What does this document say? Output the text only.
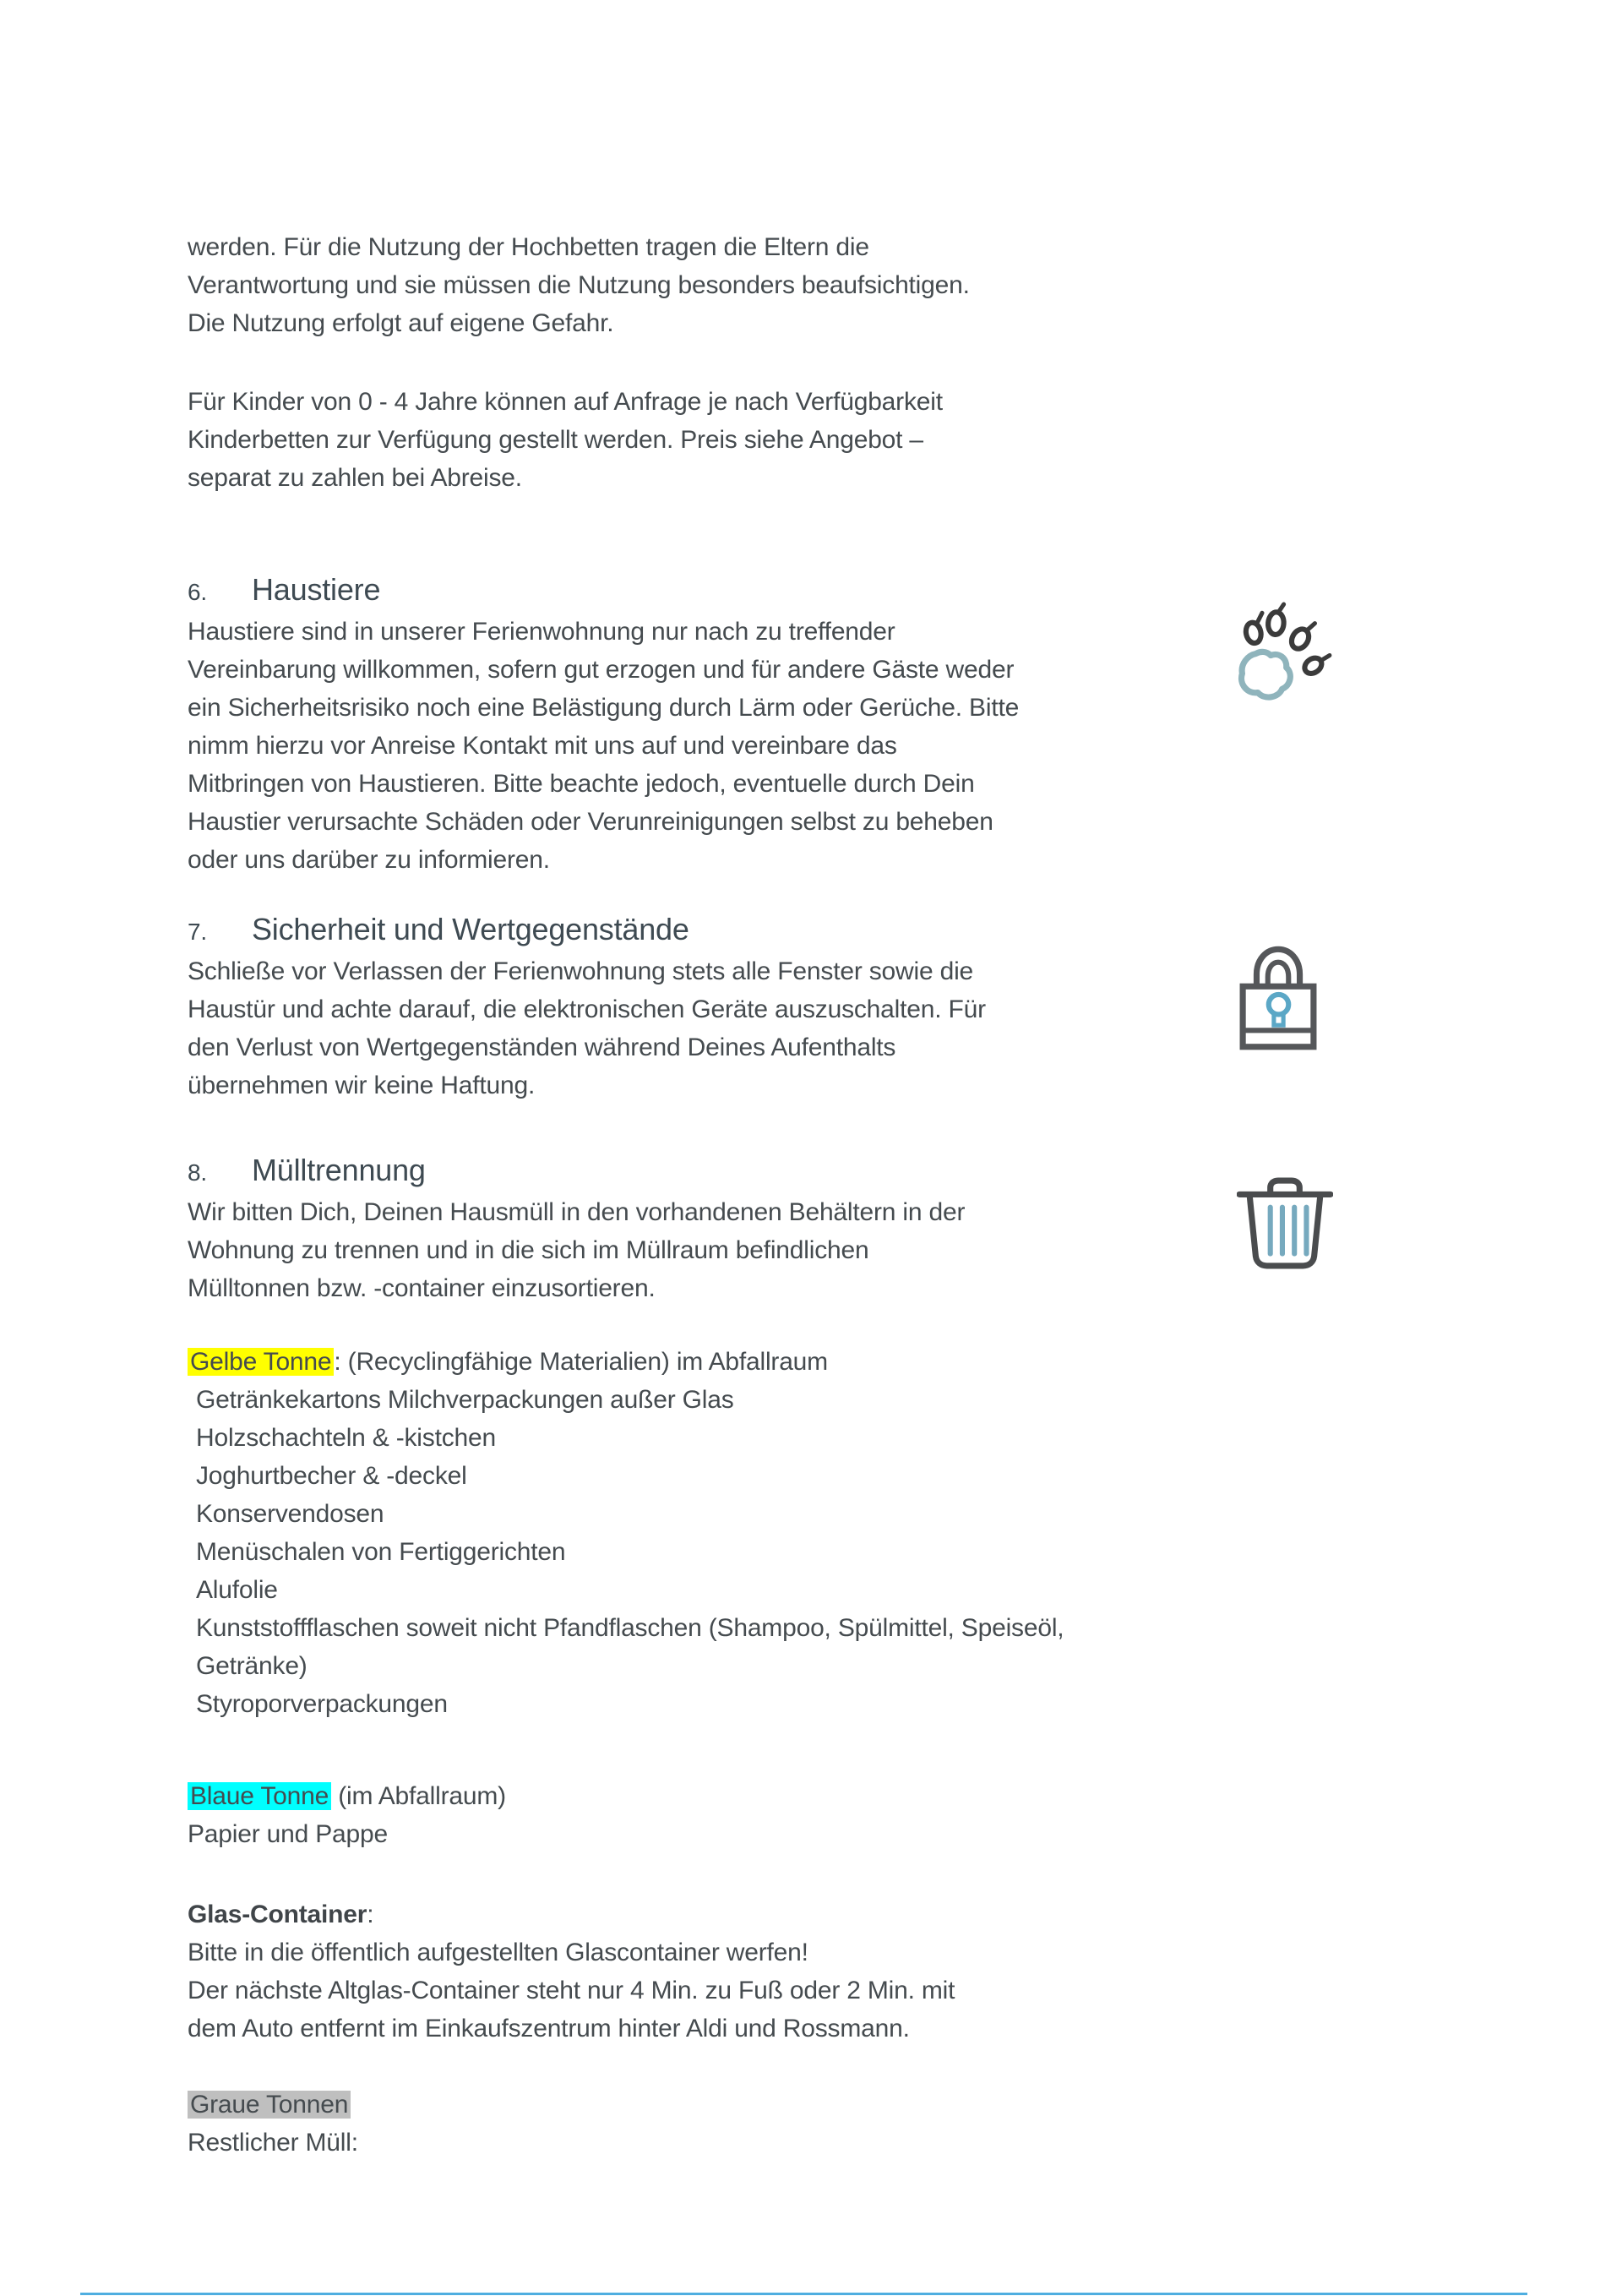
werden. Für die Nutzung der Hochbetten tragen die Eltern die
Verantwortung und sie müssen die Nutzung besonders beaufsichtigen.
Die Nutzung erfolgt auf eigene Gefahr.

Für Kinder von 0 - 4 Jahre können auf Anfrage je nach Verfügbarkeit
Kinderbetten zur Verfügung gestellt werden. Preis siehe Angebot –
separat zu zahlen bei Abreise.

6. Haustiere

Haustiere sind in unserer Ferienwohnung nur nach zu treffender
Vereinbarung willkommen, sofern gut erzogen und für andere Gäste weder
ein Sicherheitsrisiko noch eine Belästigung durch Lärm oder Gerüche. Bitte
nimm hierzu vor Anreise Kontakt mit uns auf und vereinbare das
Mitbringen von Haustieren. Bitte beachte jedoch, eventuelle durch Dein
Haustier verursachte Schäden oder Verunreinigungen selbst zu beheben
oder uns darüber zu informieren.

7. Sicherheit und Wertgegenstände

Schließe vor Verlassen der Ferienwohnung stets alle Fenster sowie die
Haustür und achte darauf, die elektronischen Geräte auszuschalten. Für
den Verlust von Wertgegenständen während Deines Aufenthalts
übernehmen wir keine Haftung.

8. Mülltrennung

Wir bitten Dich, Deinen Hausmüll in den vorhandenen Behältern in der
Wohnung zu trennen und in die sich im Müllraum befindlichen
Mülltonnen bzw. -container einzusortieren.

Gelbe Tonne : (Recyclingfähige Materialien) im Abfallraum

Getränkekartons Milchverpackungen außer Glas
Holzschachteln & -kistchen
Joghurtbecher & -deckel
Konservendosen
Menüschalen von Fertiggerichten
Alufolie
Kunststoffflaschen soweit nicht Pfandflaschen (Shampoo, Spülmittel, Speiseöl, Getränke)
Styroporverpackungen

Blaue Tonne (im Abfallraum)

Papier und Pappe

Glas-Container:

Bitte in die öffentlich aufgestellten Glascontainer werfen!
Der nächste Altglas-Container steht nur 4 Min. zu Fuß oder 2 Min. mit
dem Auto entfernt im Einkaufszentrum hinter Aldi und Rossmann.

Graue Tonnen

Restlicher Müll:
